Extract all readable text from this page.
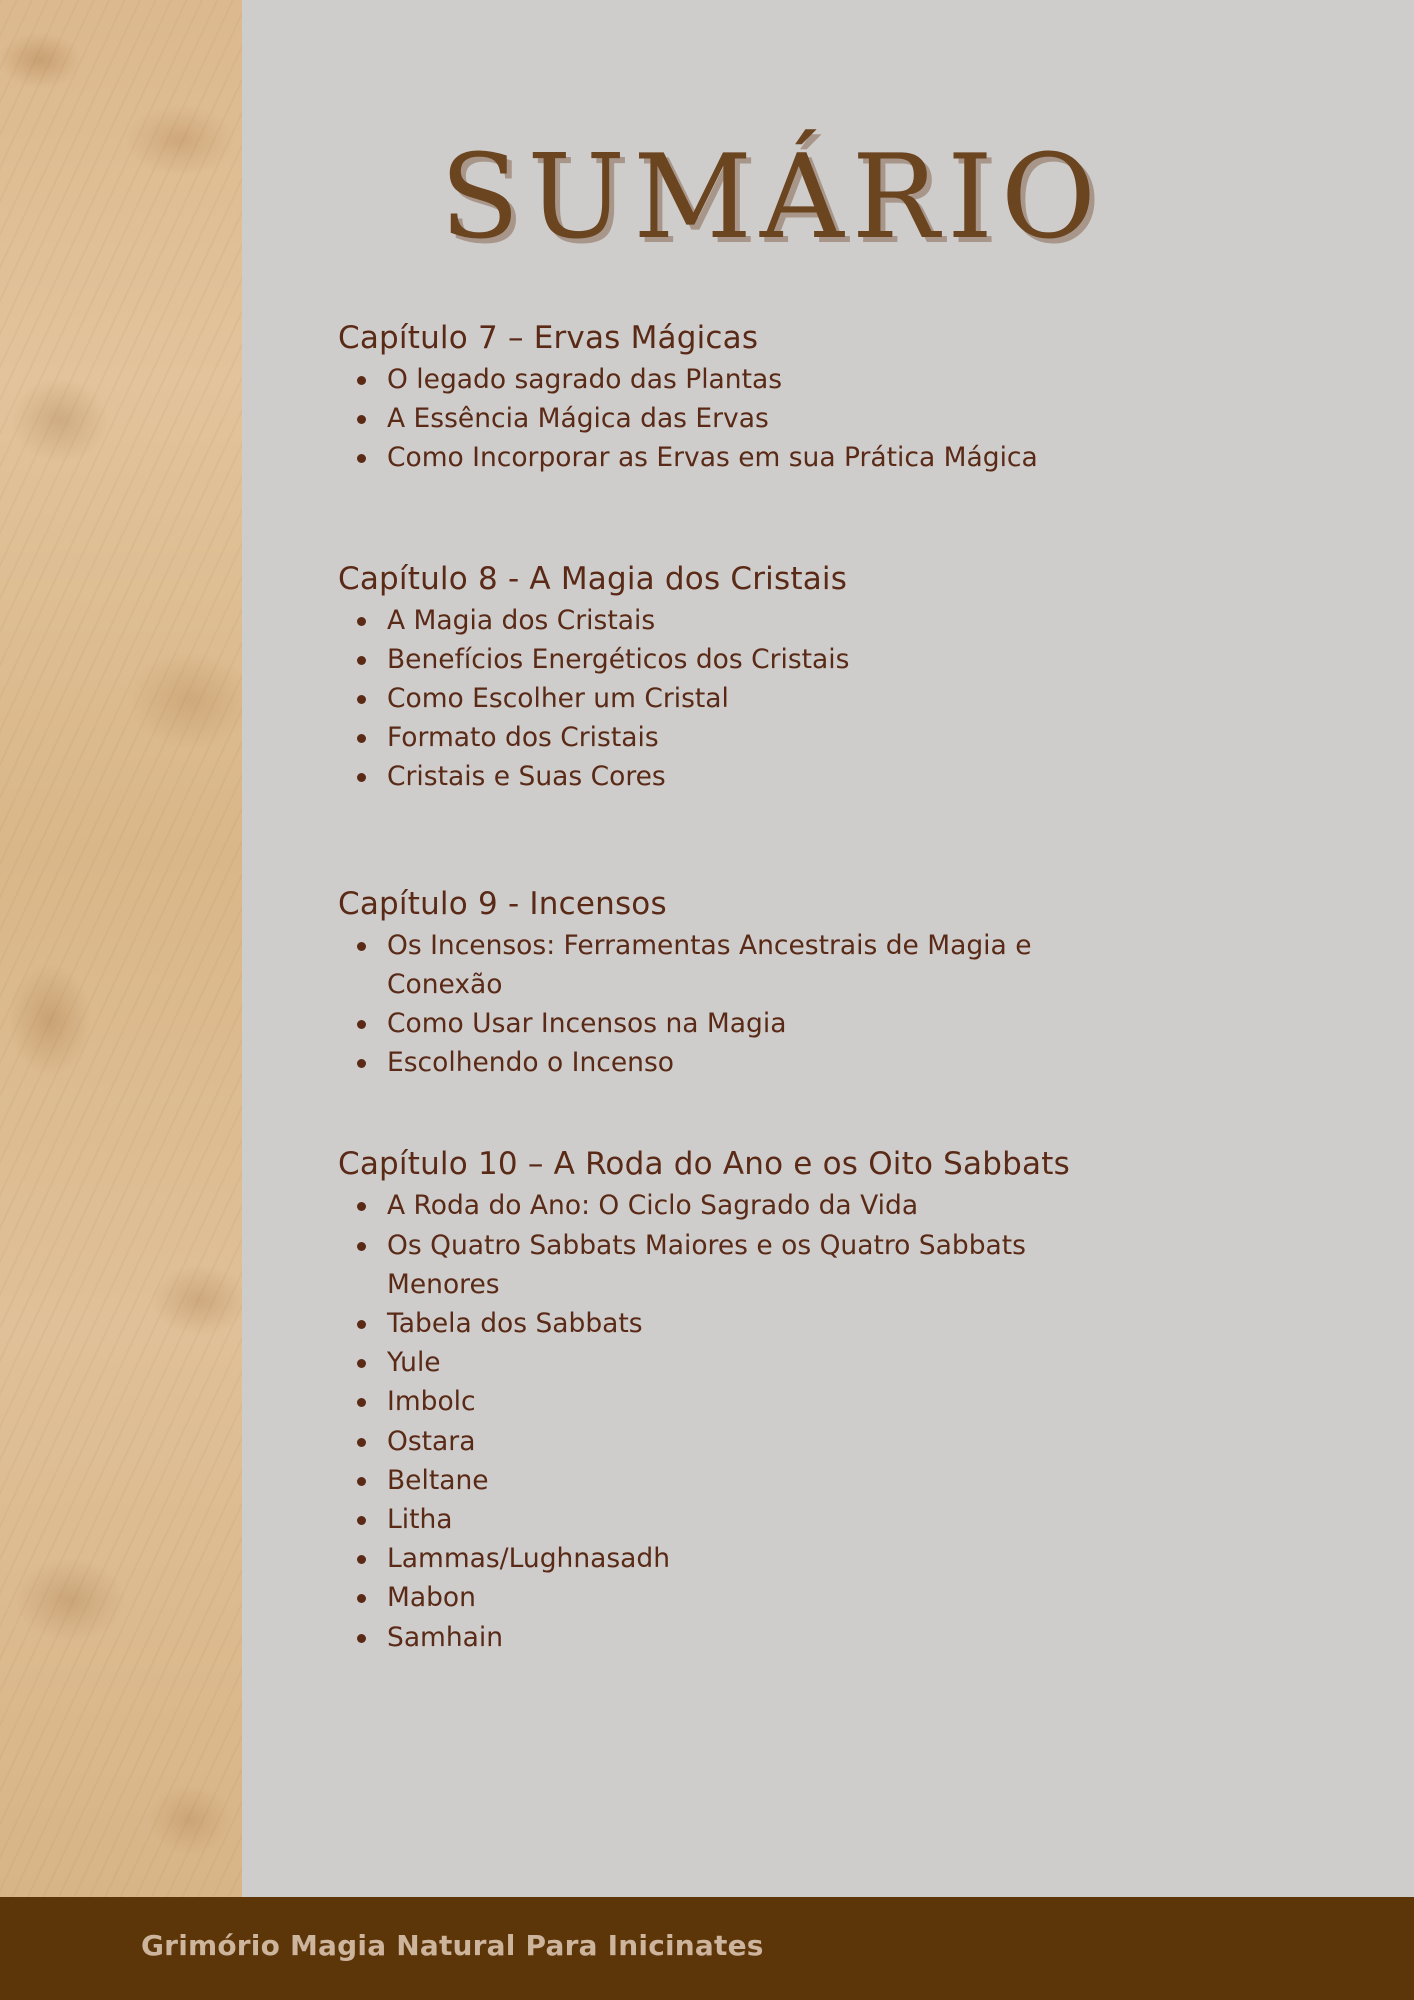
SUMÁRIO
Capítulo 7 – Ervas Mágicas
O legado sagrado das Plantas
A Essência Mágica das Ervas
Como Incorporar as Ervas em sua Prática Mágica
Capítulo 8 - A Magia dos Cristais
A Magia dos Cristais
Benefícios Energéticos dos Cristais
Como Escolher um Cristal
Formato dos Cristais
Cristais e Suas Cores
Capítulo 9 - Incensos
Os Incensos: Ferramentas Ancestrais de Magia e Conexão
Como Usar Incensos na Magia
Escolhendo o Incenso
Capítulo 10 – A Roda do Ano e os Oito Sabbats
A Roda do Ano: O Ciclo Sagrado da Vida
Os Quatro Sabbats Maiores e os Quatro Sabbats Menores
Tabela dos Sabbats
Yule
Imbolc
Ostara
Beltane
Litha
Lammas/Lughnasadh
Mabon
Samhain
Grimório Magia Natural Para Inicinates
